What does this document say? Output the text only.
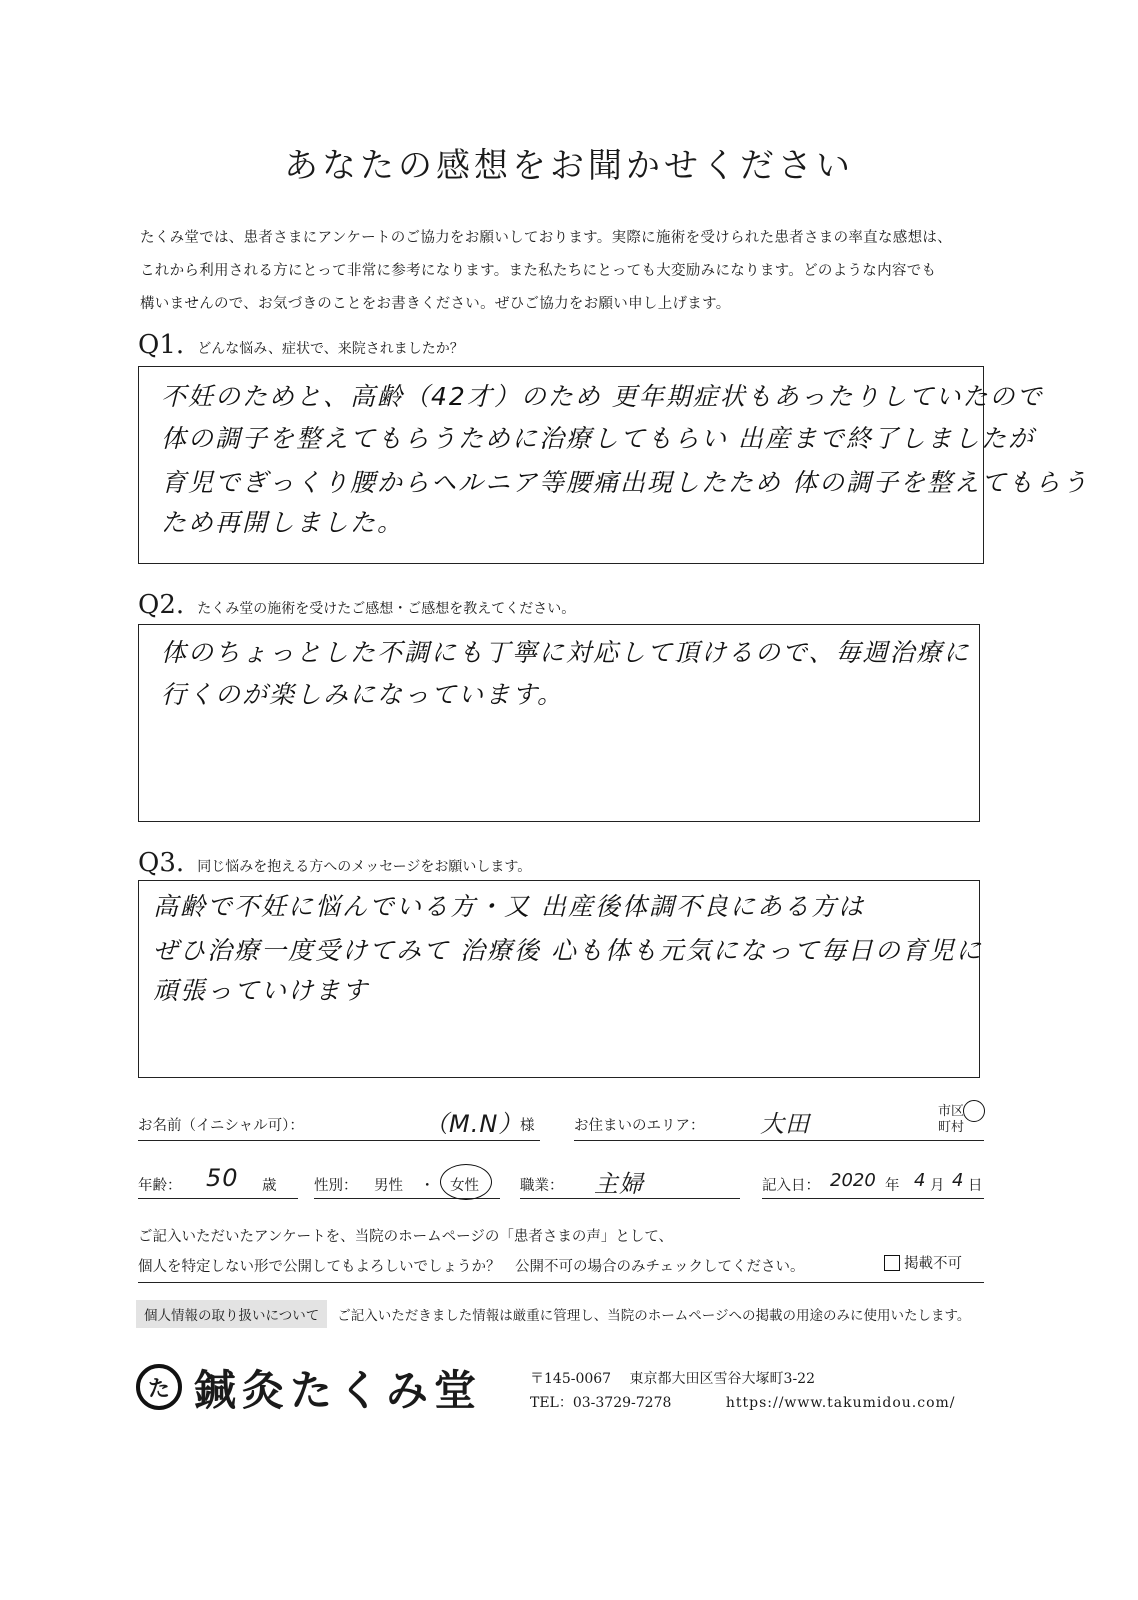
あなたの感想をお聞かせください
たくみ堂では、患者さまにアンケートのご協力をお願いしております。実際に施術を受けられた患者さまの率直な感想は、
これから利用される方にとって非常に参考になります。また私たちにとっても大変励みになります。どのような内容でも
構いませんので、お気づきのことをお書きください。ぜひご協力をお願い申し上げます。
Q1. どんな悩み、症状で、来院されましたか？
不妊のためと、高齢（42才）のため 更年期症状もあったりしていたので
体の調子を整えてもらうために治療してもらい 出産まで終了しましたが
育児でぎっくり腰からヘルニア等腰痛出現したため 体の調子を整えてもらう
ため再開しました。
Q2. たくみ堂の施術を受けたご感想・ご感想を教えてください。
体のちょっとした不調にも丁寧に対応して頂けるので、毎週治療に
行くのが楽しみになっています。
Q3. 同じ悩みを抱える方へのメッセージをお願いします。
高齢で不妊に悩んでいる方・又 出産後体調不良にある方は
ぜひ治療一度受けてみて 治療後 心も体も元気になって毎日の育児に
頑張っていけます
お名前（イニシャル可）：	（M.N）
様	お住まいのエリア： 大田	市区
町村
年齢： 50 歳	性別： 男性 ・ 女性	職業： 主婦	記入日： 2020 年 4 月 4 日
ご記入いただいたアンケートを、当院のホームページの「患者さまの声」として、
個人を特定しない形で公開してもよろしいでしょうか？　公開不可の場合のみチェックしてください。	掲載不可
個人情報の取り扱いについて	ご記入いただきました情報は厳重に管理し、当院のホームページへの掲載の用途のみに使用いたします。
た 鍼灸たくみ堂	〒145-0067 東京都大田区雪谷大塚町3-22
TEL：03-3729-7278	https://www.takumidou.com/
